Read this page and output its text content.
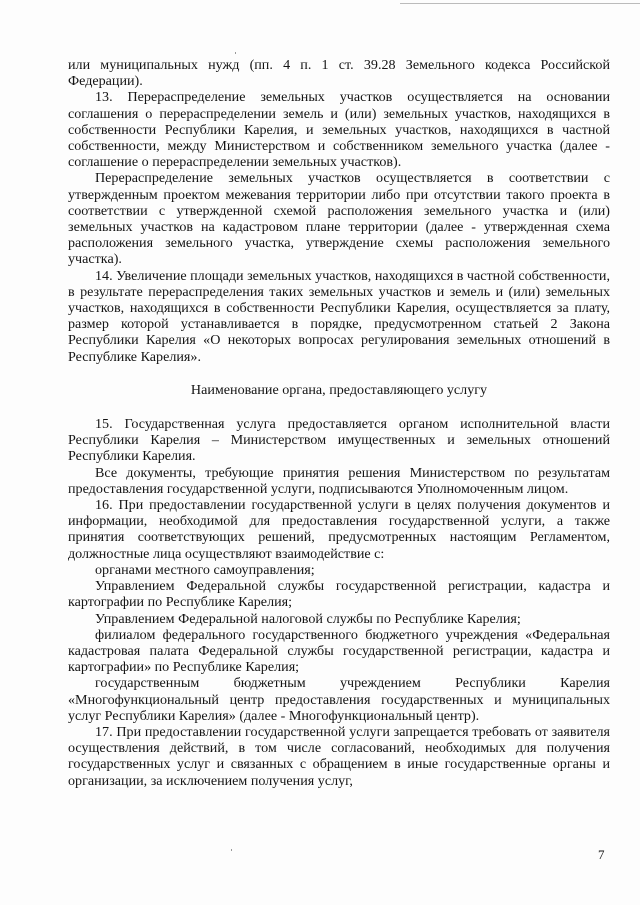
или муниципальных нужд (пп. 4 п. 1 ст. 39.28 Земельного кодекса Российской Федерации).

13. Перераспределение земельных участков осуществляется на основании соглашения о перераспределении земель и (или) земельных участков, находящихся в собственности Республики Карелия, и земельных участков, находящихся в частной собственности, между Министерством и собственником земельного участка (далее - соглашение о перераспределении земельных участков).

Перераспределение земельных участков осуществляется в соответствии с утвержденным проектом межевания территории либо при отсутствии такого проекта в соответствии с утвержденной схемой расположения земельного участка и (или) земельных участков на кадастровом плане территории (далее - утвержденная схема расположения земельного участка, утверждение схемы расположения земельного участка).

14. Увеличение площади земельных участков, находящихся в частной собственности, в результате перераспределения таких земельных участков и земель и (или) земельных участков, находящихся в собственности Республики Карелия, осуществляется за плату, размер которой устанавливается в порядке, предусмотренном статьей 2 Закона Республики Карелия «О некоторых вопросах регулирования земельных отношений в Республике Карелия».

Наименование органа, предоставляющего услугу

15. Государственная услуга предоставляется органом исполнительной власти Республики Карелия – Министерством имущественных и земельных отношений Республики Карелия.

Все документы, требующие принятия решения Министерством по результатам предоставления государственной услуги, подписываются Уполномоченным лицом.

16. При предоставлении государственной услуги в целях получения документов и информации, необходимой для предоставления государственной услуги, а также принятия соответствующих решений, предусмотренных настоящим Регламентом, должностные лица осуществляют взаимодействие с:

органами местного самоуправления;

Управлением Федеральной службы государственной регистрации, кадастра и картографии по Республике Карелия;

Управлением Федеральной налоговой службы по Республике Карелия;

филиалом федерального государственного бюджетного учреждения «Федеральная кадастровая палата Федеральной службы государственной регистрации, кадастра и картографии» по Республике Карелия;

государственным бюджетным учреждением Республики Карелия «Многофункциональный центр предоставления государственных и муниципальных услуг Республики Карелия» (далее - Многофункциональный центр).

17. При предоставлении государственной услуги запрещается требовать от заявителя осуществления действий, в том числе согласований, необходимых для получения государственных услуг и связанных с обращением в иные государственные органы и организации, за исключением получения услуг,

7
